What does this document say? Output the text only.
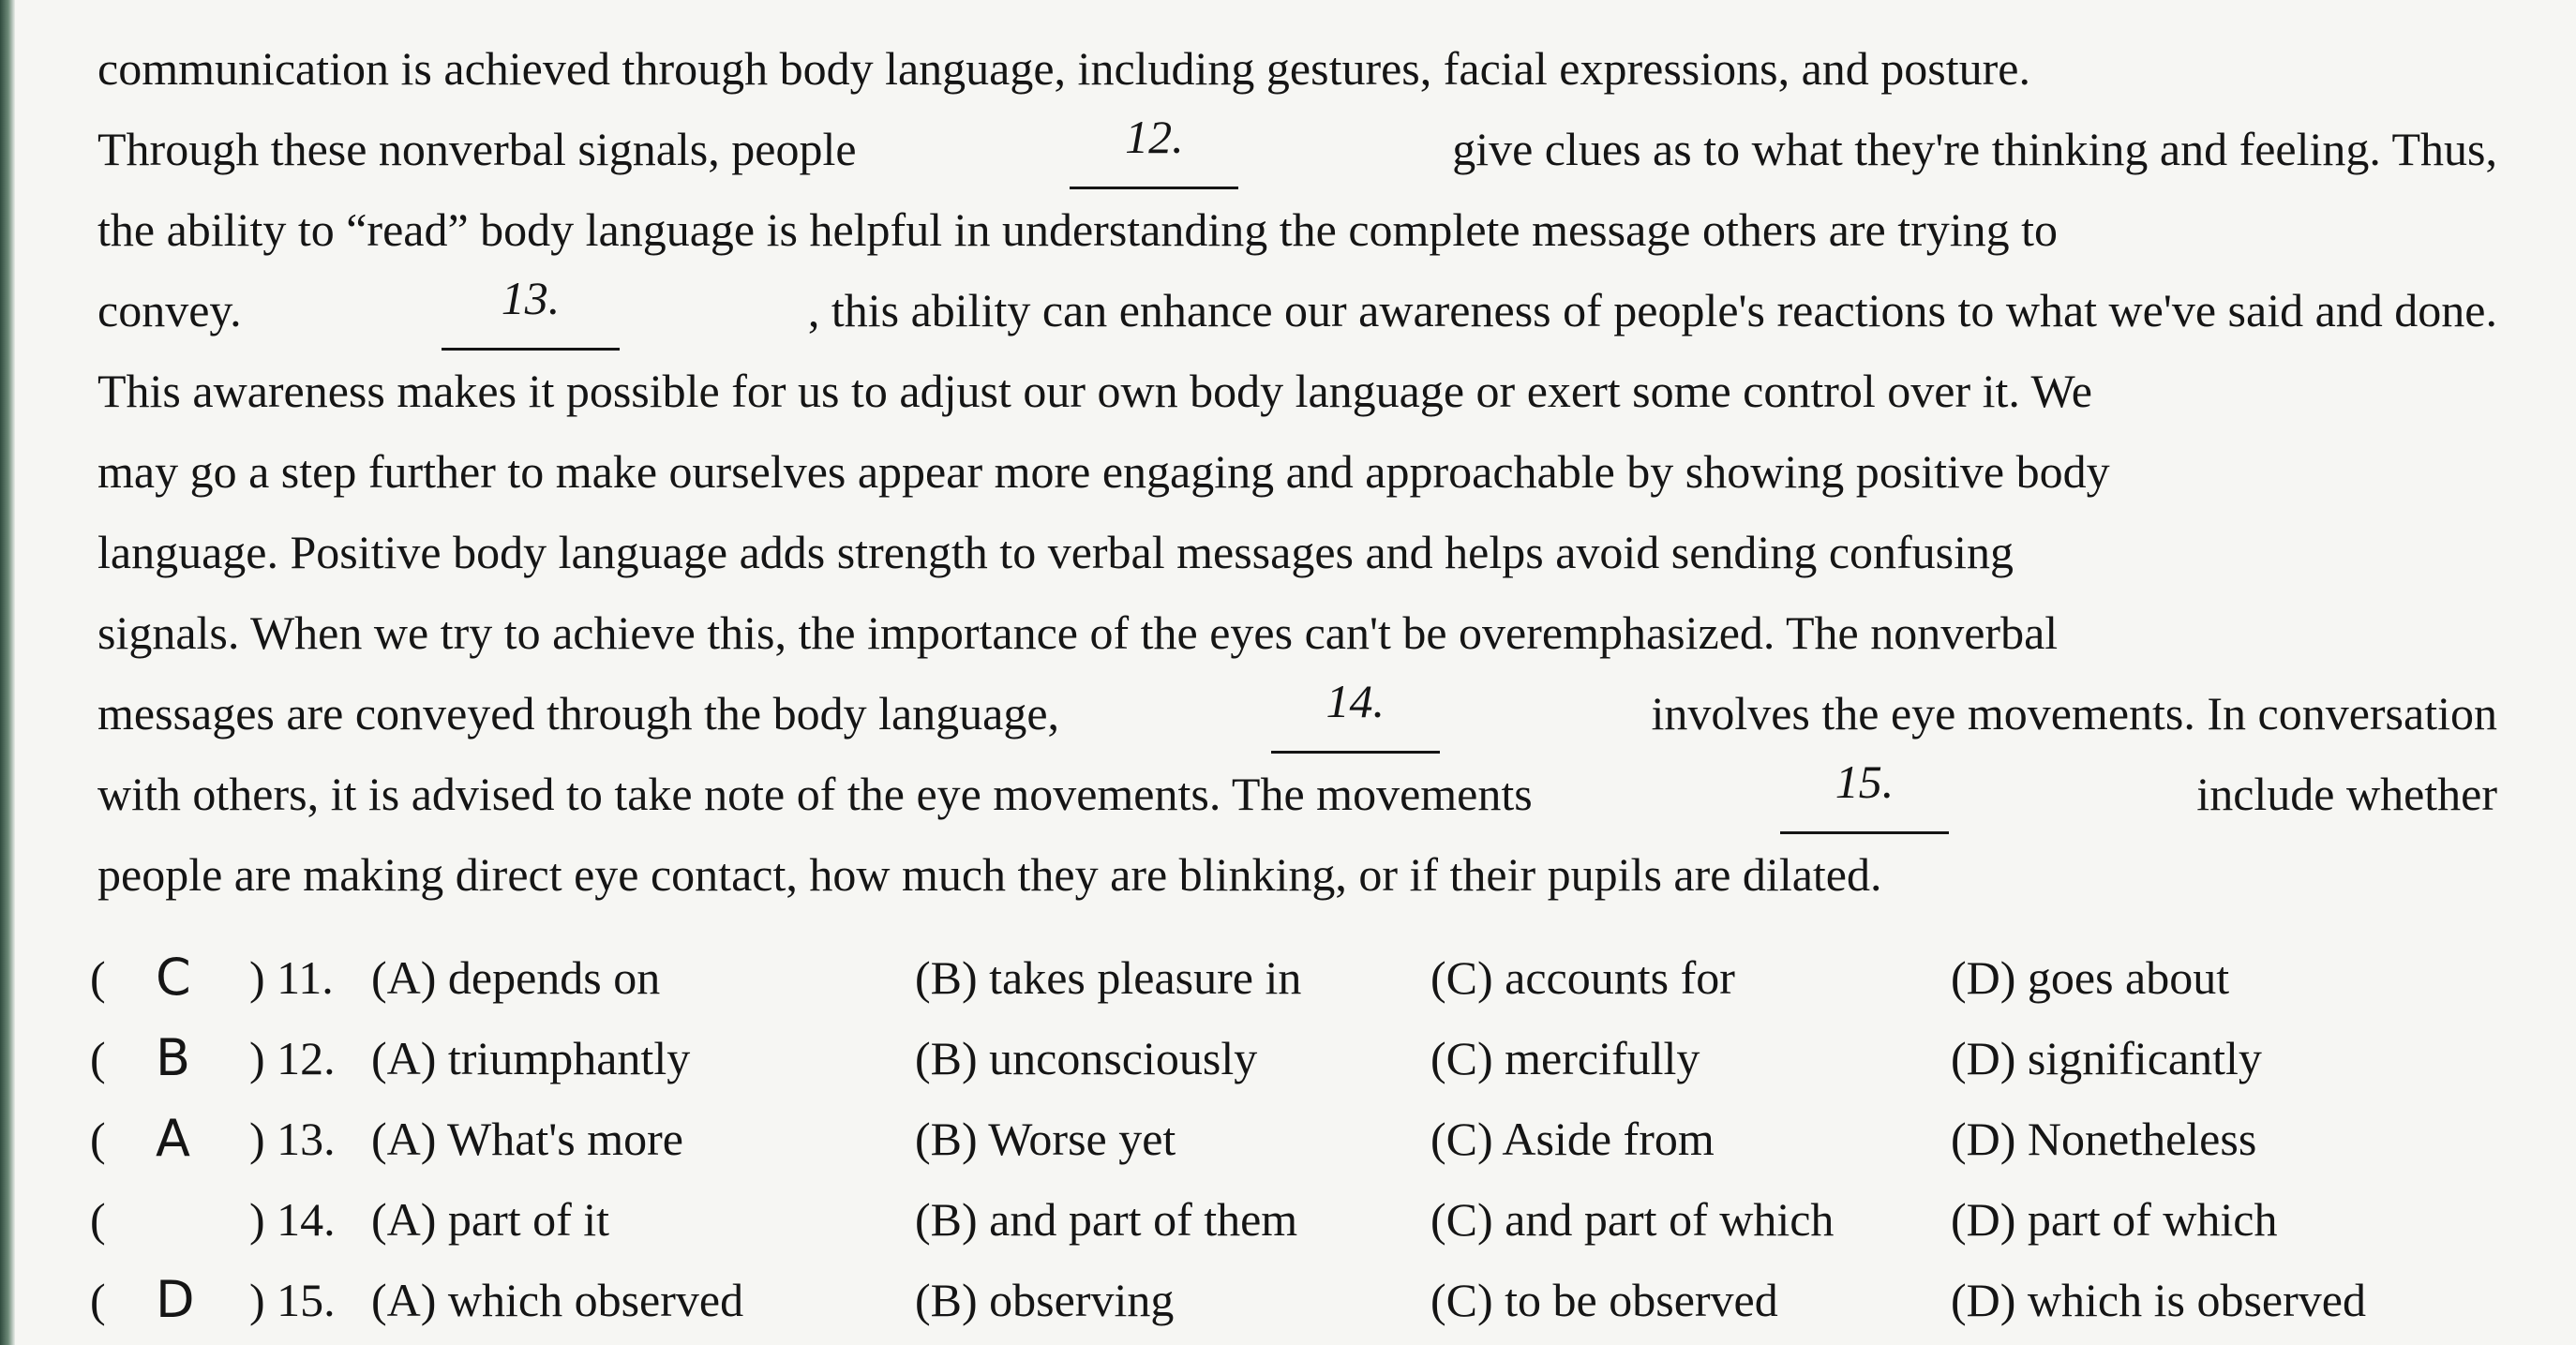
communication is achieved through body language, including gestures, facial expressions, and posture.
Through these nonverbal signals, people	12.	give clues as to what they're thinking and feeling. Thus,
the ability to “read” body language is helpful in understanding the complete message others are trying to
convey.	13.	, this ability can enhance our awareness of people's reactions to what we've said and done.
This awareness makes it possible for us to adjust our own body language or exert some control over it. We
may go a step further to make ourselves appear more engaging and approachable by showing positive body
language. Positive body language adds strength to verbal messages and helps avoid sending confusing
signals. When we try to achieve this, the importance of the eyes can't be overemphasized. The nonverbal
messages are conveyed through the body language,	14.	involves the eye movements. In conversation
with others, it is advised to take note of the eye movements. The movements	15.	include whether
people are making direct eye contact, how much they are blinking, or if their pupils are dilated.
( C ) 11. (A) depends on	(B) takes pleasure in	(C) accounts for	(D) goes about
( B ) 12. (A) triumphantly	(B) unconsciously	(C) mercifully	(D) significantly
( A ) 13. (A) What's more	(B) Worse yet	(C) Aside from	(D) Nonetheless
(	) 14. (A) part of it	(B) and part of them	(C) and part of which (D) part of which
( D ) 15. (A) which observed	(B) observing	(C) to be observed	(D) which is observed
